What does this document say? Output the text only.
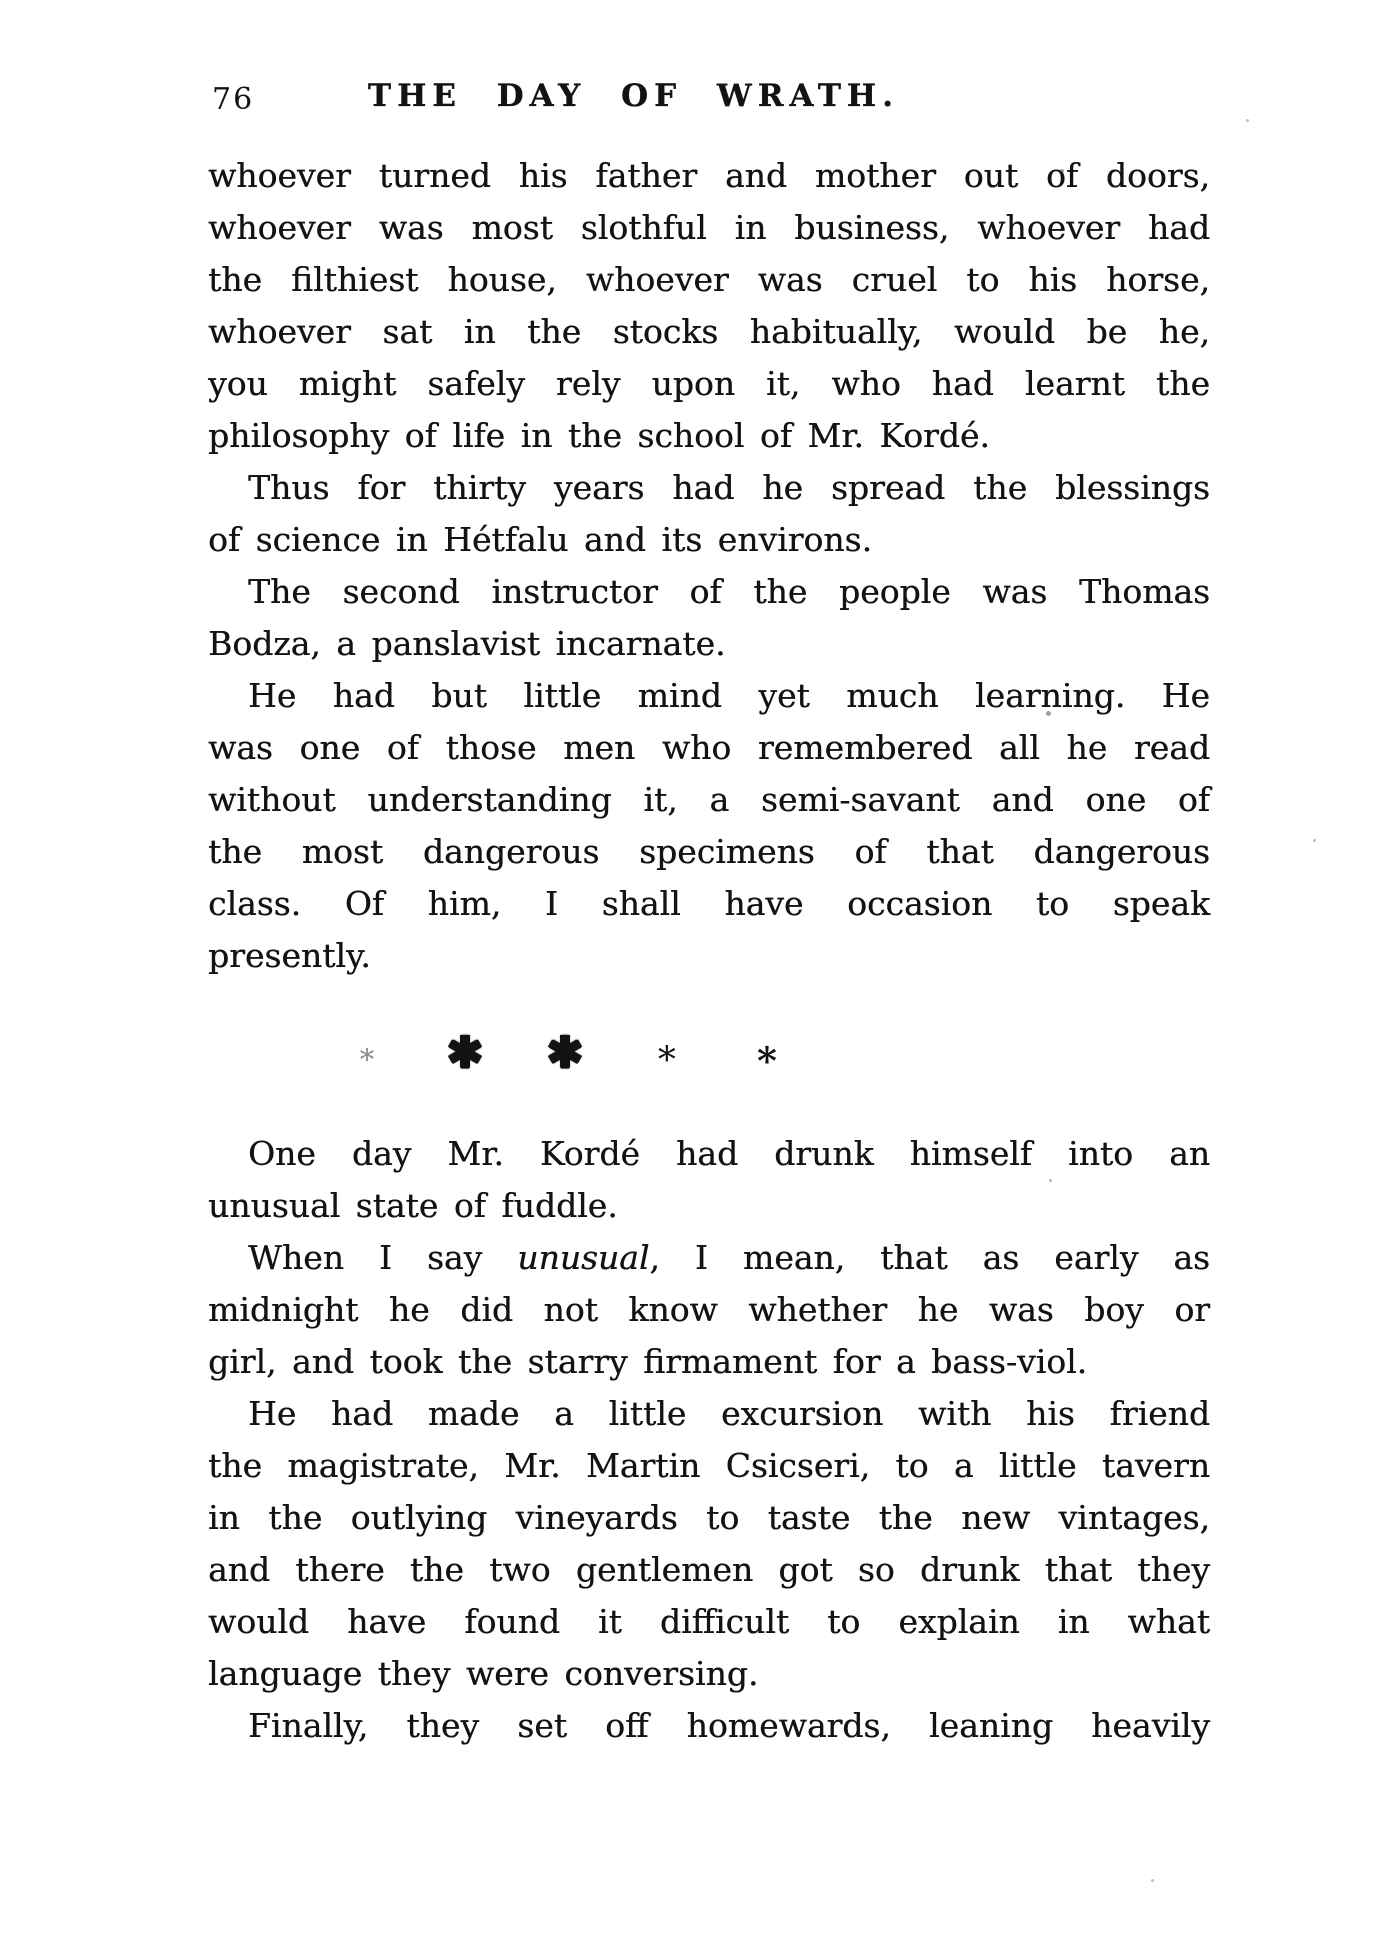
76	THE DAY OF WRATH.
whoever turned his father and mother out of doors,
whoever was most slothful in business, whoever had
the filthiest house, whoever was cruel to his horse,
whoever sat in the stocks habitually, would be he,
you might safely rely upon it, who had learnt the
philosophy of life in the school of Mr. Kordé.
Thus for thirty years had he spread the blessings
of science in Hétfalu and its environs.
The second instructor of the people was Thomas
Bodza, a panslavist incarnate.
He had but little mind yet much learning. He
was one of those men who remembered all he read
without understanding it, a semi-savant and one of
the most dangerous specimens of that dangerous
class. Of him, I shall have occasion to speak
presently.
∗ ✱ ✱ ∗ ∗
One day Mr. Kordé had drunk himself into an
unusual state of fuddle.
When I say unusual, I mean, that as early as
midnight he did not know whether he was boy or
girl, and took the starry firmament for a bass-viol.
He had made a little excursion with his friend
the magistrate, Mr. Martin Csicseri, to a little tavern
in the outlying vineyards to taste the new vintages,
and there the two gentlemen got so drunk that they
would have found it difficult to explain in what
language they were conversing.
Finally, they set off homewards, leaning heavily
